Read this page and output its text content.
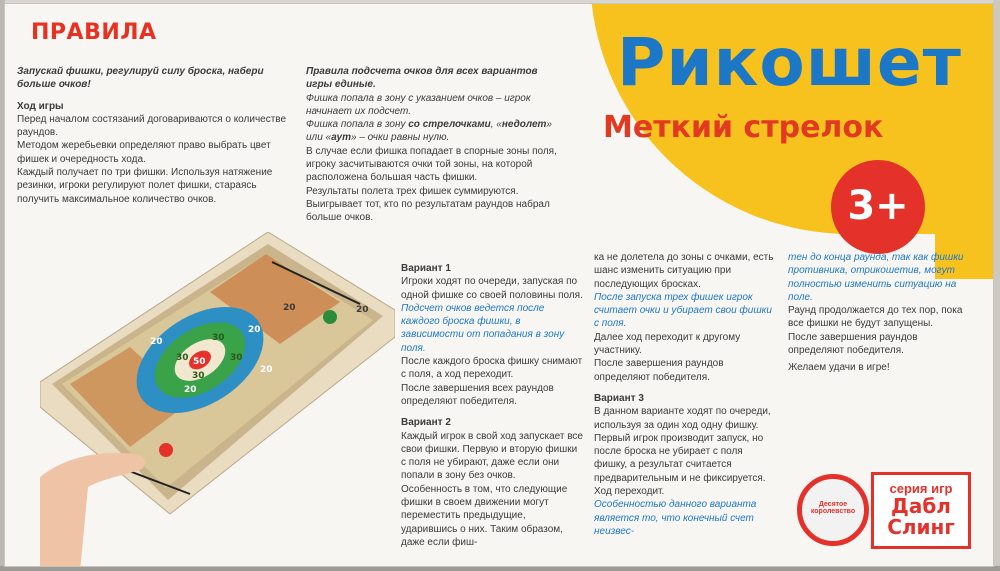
ПРАВИЛА	Рикошет
Меткий стрелок
3+

Запускай фишки, регулируй силу броска, набери больше очков!

Ход игры

Перед началом состязаний договариваются о количестве раундов.

Методом жеребьевки определяют право выбрать цвет фишек и очередность хода.

Каждый получает по три фишки. Используя натяжение резинки, игроки регулируют полет фишки, стараясь получить максимальное количество очков.

Правила подсчета очков для всех вариантов игры единые.

Фишка попала в зону с указанием очков – игрок начинает их подсчет.

Фишка попала в зону со стрелочками, «недолет» или «аут» – очки равны нулю.

В случае если фишка попадает в спорные зоны поля, игроку засчитываются очки той зоны, на которой расположена большая часть фишки.

Результаты полета трех фишек суммируются.

Выигрывает тот, кто по результатам раундов набрал больше очков.

Вариант 1

Игроки ходят по очереди, запуская по одной фишке со своей половины поля.

Подсчет очков ведется после каждого броска фишки, в зависимости от попадания в зону поля.

После каждого броска фишку снимают с поля, а ход переходит.

После завершения всех раундов определяют победителя.

Вариант 2

Каждый игрок в свой ход запускает все свои фишки. Первую и вторую фишки с поля не убирают, даже если они попали в зону без очков.

Особенность в том, что следующие фишки в своем движении могут переместить предыдущие, ударившись о них. Таким образом, даже если фиш-

ка не долетела до зоны с очками, есть шанс изменить ситуацию при последующих бросках.

После запуска трех фишек игрок считает очки и убирает свои фишки с поля.

Далее ход переходит к другому участнику.

После завершения раундов определяют победителя.

Вариант 3

В данном варианте ходят по очереди, используя за один ход одну фишку.

Первый игрок производит запуск, но после броска не убирает с поля фишку, а результат считается предварительным и не фиксируется. Ход переходит.

Особенностью данного варианта является то, что конечный счет неизвес-

тен до конца раунда, так как фишки противника, отрикошетив, могут полностью изменить ситуацию на поле.

Раунд продолжается до тех пор, пока все фишки не будут запущены.

После завершения раундов определяют победителя.

Желаем удачи в игре!

20
20
20
20
30
30
30
30
50
20	20
Десятое королевство
серия игр
Дабл
Слинг
